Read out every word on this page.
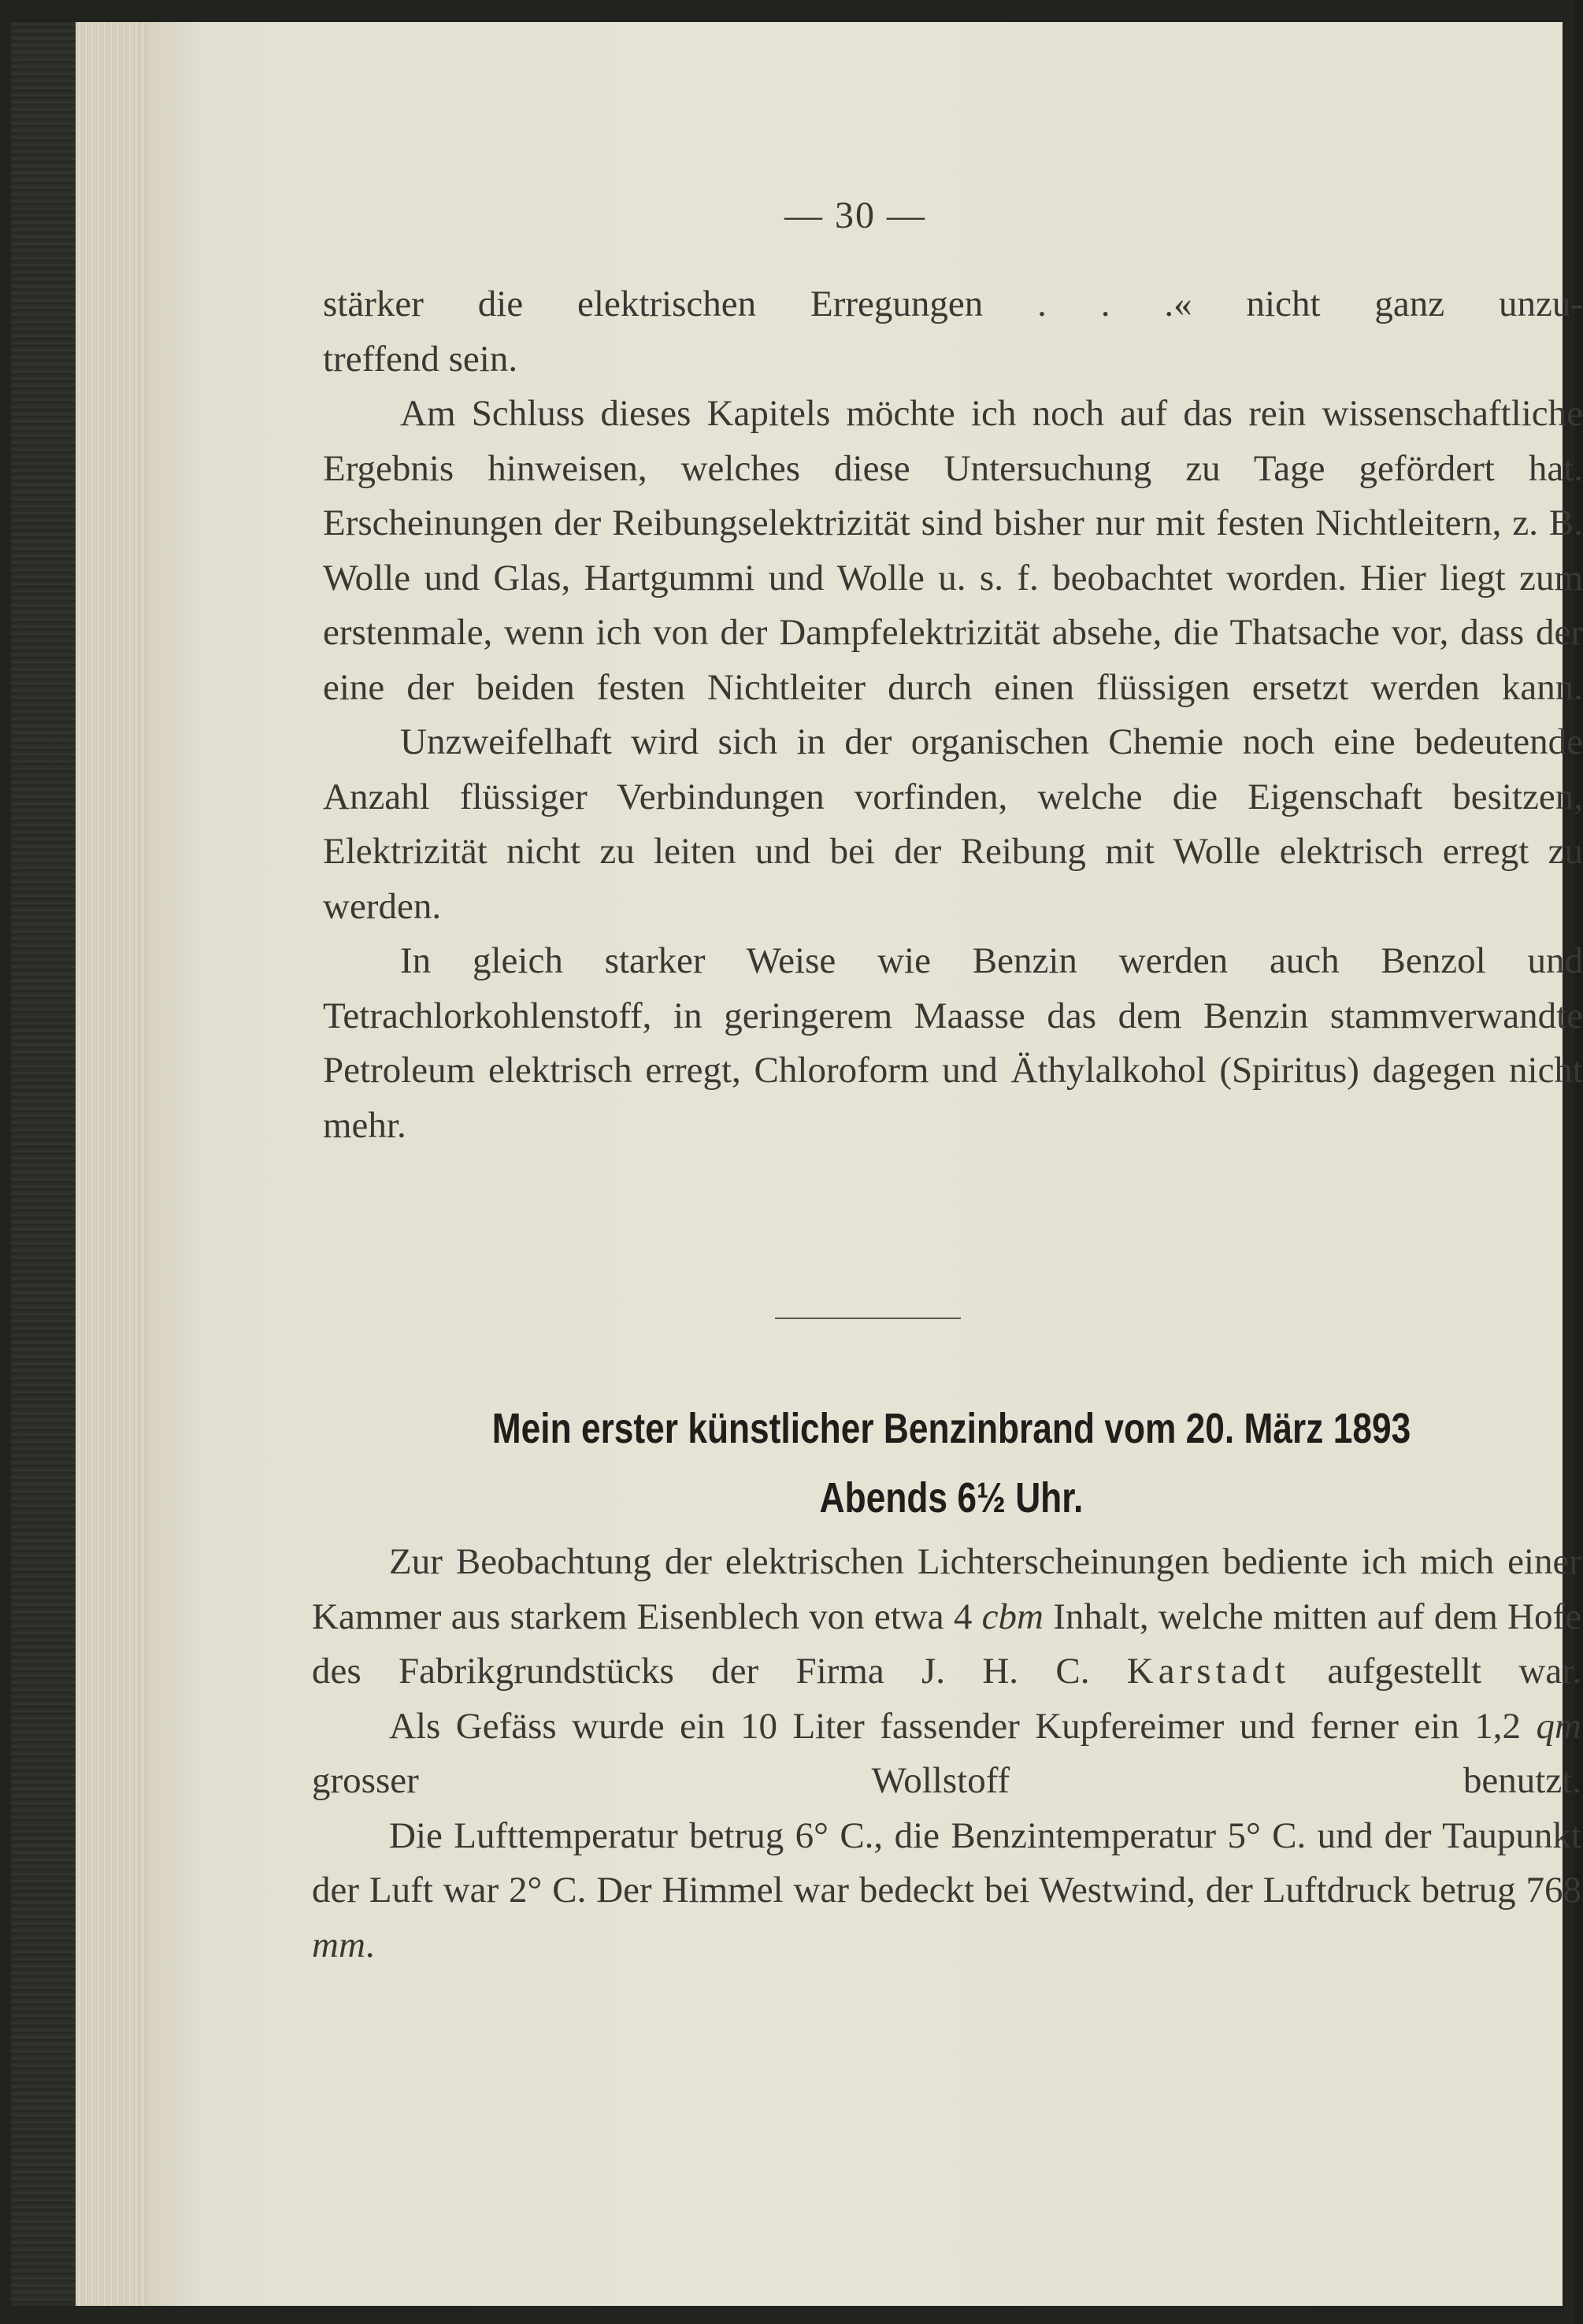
— 30 —

stärker die elektrischen Erregungen . . .« nicht ganz unzu-

treffend sein.

Am Schluss dieses Kapitels möchte ich noch auf das rein wissenschaftliche Ergebnis hinweisen, welches diese Untersuchung zu Tage gefördert hat. Erscheinungen der Reibungselektrizität sind bisher nur mit festen Nichtleitern, z. B. Wolle und Glas, Hartgummi und Wolle u. s. f. beobachtet worden. Hier liegt zum erstenmale, wenn ich von der Dampfelektrizität absehe, die Thatsache vor, dass der eine der beiden festen Nichtleiter durch einen flüssigen ersetzt werden kann.

Unzweifelhaft wird sich in der organischen Chemie noch eine bedeutende Anzahl flüssiger Verbindungen vorfinden, welche die Eigenschaft besitzen, Elektrizität nicht zu leiten und bei der Reibung mit Wolle elektrisch erregt zu werden.

In gleich starker Weise wie Benzin werden auch Benzol und Tetrachlorkohlenstoff, in geringerem Maasse das dem Benzin stammverwandte Petroleum elektrisch erregt, Chloroform und Äthylalkohol (Spiritus) dagegen nicht mehr.

Mein erster künstlicher Benzinbrand vom 20. März 1893
Abends 6½ Uhr.

Zur Beobachtung der elektrischen Lichterscheinungen bediente ich mich einer Kammer aus starkem Eisenblech von etwa 4 cbm Inhalt, welche mitten auf dem Hofe des Fabrikgrundstücks der Firma J. H. C. Karstadt aufgestellt war.

Als Gefäss wurde ein 10 Liter fassender Kupfereimer und ferner ein 1,2 qm grosser Wollstoff benutzt.

Die Lufttemperatur betrug 6° C., die Benzintemperatur 5° C. und der Taupunkt der Luft war 2° C. Der Himmel war bedeckt bei Westwind, der Luftdruck betrug 768 mm.
